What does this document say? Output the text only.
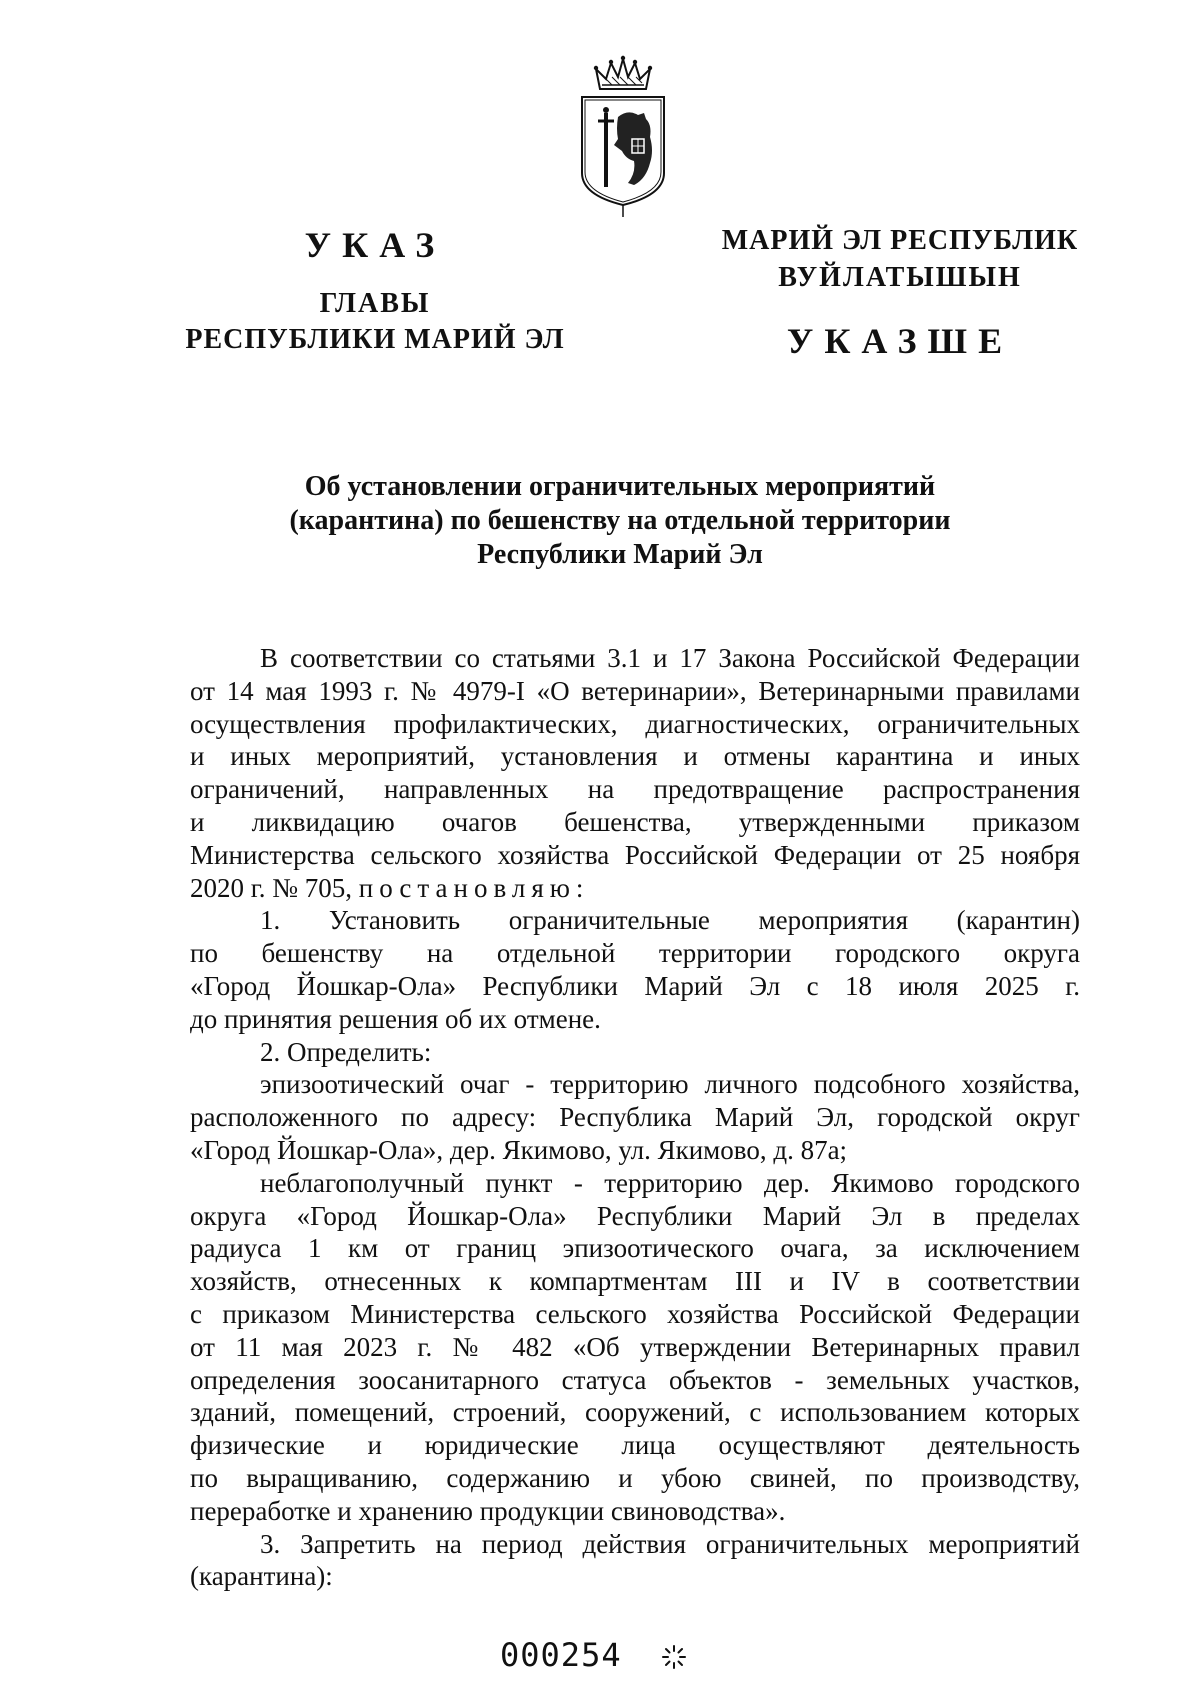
УКАЗ
ГЛАВЫ
РЕСПУБЛИКИ МАРИЙ ЭЛ
МАРИЙ ЭЛ РЕСПУБЛИК
ВУЙЛАТЫШЫН
УКАЗШЕ
Об установлении ограничительных мероприятий
(карантина) по бешенству на отдельной территории
Республики Марий Эл
В соответствии со статьями 3.1 и 17 Закона Российской Федерации
от 14 мая 1993 г. № 4979-I «О ветеринарии», Ветеринарными правилами
осуществления профилактических, диагностических, ограничительных
и иных мероприятий, установления и отмены карантина и иных
ограничений, направленных на предотвращение распространения
и ликвидацию очагов бешенства, утвержденными приказом
Министерства сельского хозяйства Российской Федерации от 25 ноября
2020 г. № 705, постановляю:
1. Установить ограничительные мероприятия (карантин)
по бешенству на отдельной территории городского округа
«Город Йошкар-Ола» Республики Марий Эл с 18 июля 2025 г.
до принятия решения об их отмене.
2. Определить:
эпизоотический очаг - территорию личного подсобного хозяйства,
расположенного по адресу: Республика Марий Эл, городской округ
«Город Йошкар-Ола», дер. Якимово, ул. Якимово, д. 87а;
неблагополучный пункт - территорию дер. Якимово городского
округа «Город Йошкар-Ола» Республики Марий Эл в пределах
радиуса 1 км от границ эпизоотического очага, за исключением
хозяйств, отнесенных к компартментам III и IV в соответствии
с приказом Министерства сельского хозяйства Российской Федерации
от 11 мая 2023 г. № 482 «Об утверждении Ветеринарных правил
определения зоосанитарного статуса объектов - земельных участков,
зданий, помещений, строений, сооружений, с использованием которых
физические и юридические лица осуществляют деятельность
по выращиванию, содержанию и убою свиней, по производству,
переработке и хранению продукции свиноводства».
3. Запретить на период действия ограничительных мероприятий
(карантина):
000254
